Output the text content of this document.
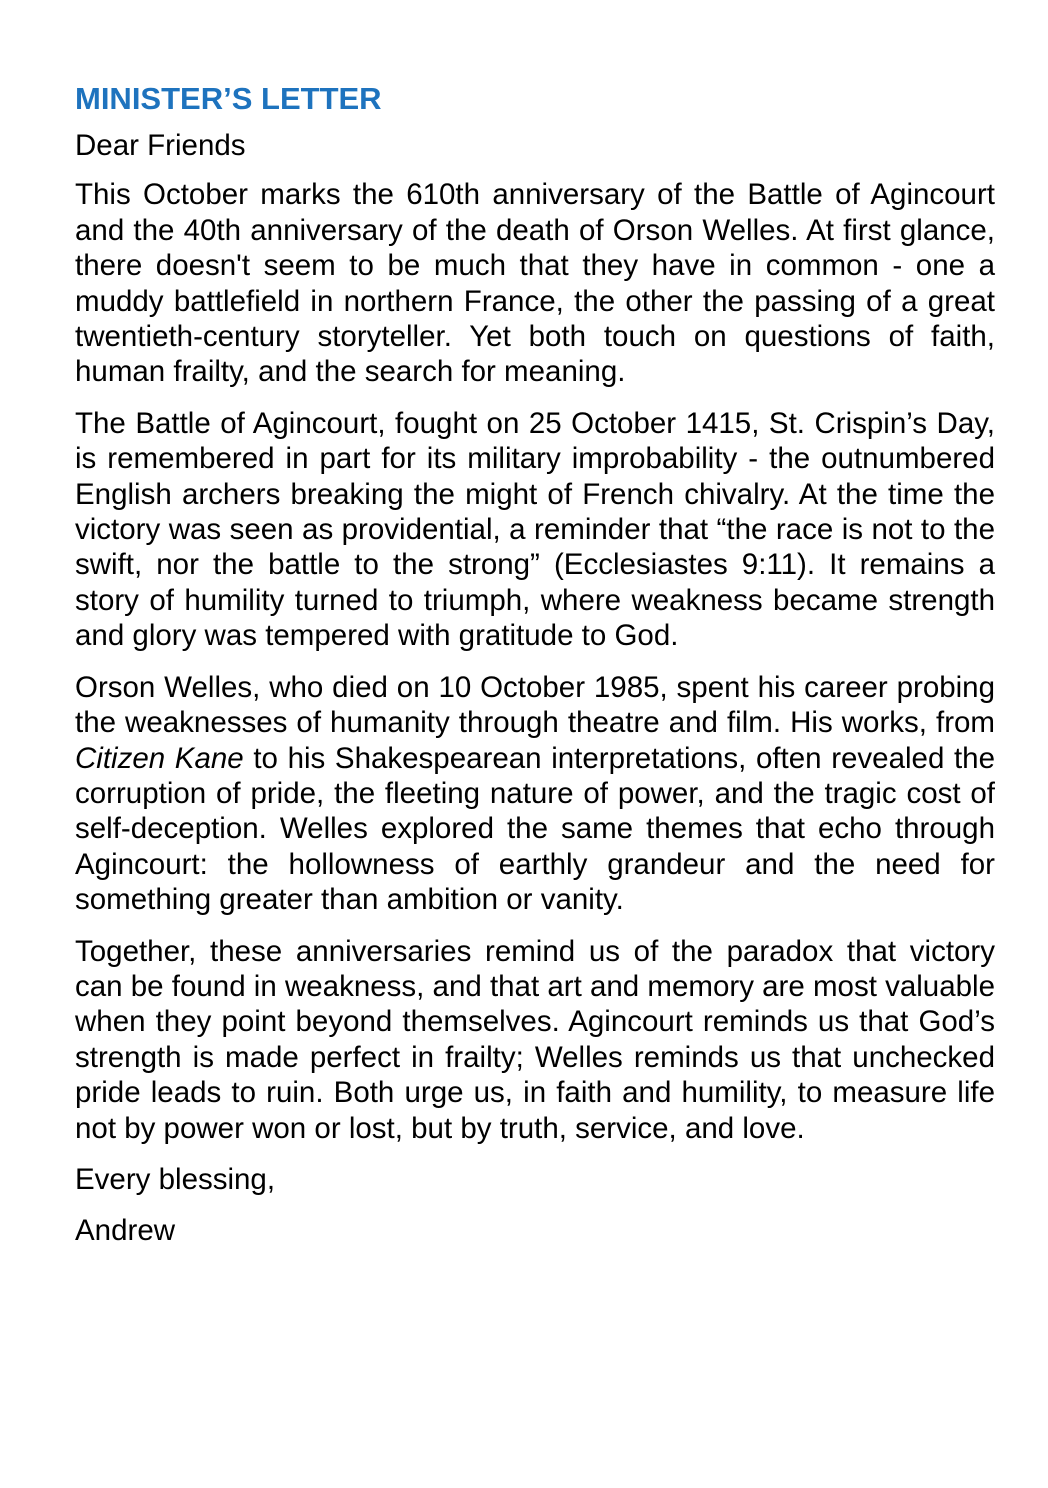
MINISTER’S LETTER

Dear Friends

This October marks the 610th anniversary of the Battle of Agincourt and the 40th anniversary of the death of Orson Welles. At first glance, there doesn't seem to be much that they have in common - one a muddy battlefield in northern France, the other the passing of a great twentieth-century storyteller. Yet both touch on questions of faith, human frailty, and the search for meaning.

The Battle of Agincourt, fought on 25 October 1415, St. Crispin’s Day, is remembered in part for its military improbability - the outnumbered English archers breaking the might of French chivalry. At the time the victory was seen as providential, a reminder that “the race is not to the swift, nor the battle to the strong” (Ecclesiastes 9:11). It remains a story of humility turned to triumph, where weakness became strength and glory was tempered with gratitude to God.

Orson Welles, who died on 10 October 1985, spent his career probing the weaknesses of humanity through theatre and film. His works, from Citizen Kane to his Shakespearean interpretations, often revealed the corruption of pride, the fleeting nature of power, and the tragic cost of self-deception. Welles explored the same themes that echo through Agincourt: the hollowness of earthly grandeur and the need for something greater than ambition or vanity.

Together, these anniversaries remind us of the paradox that victory can be found in weakness, and that art and memory are most valuable when they point beyond themselves. Agincourt reminds us that God’s strength is made perfect in frailty; Welles reminds us that unchecked pride leads to ruin. Both urge us, in faith and humility, to measure life not by power won or lost, but by truth, service, and love.

Every blessing,

Andrew
